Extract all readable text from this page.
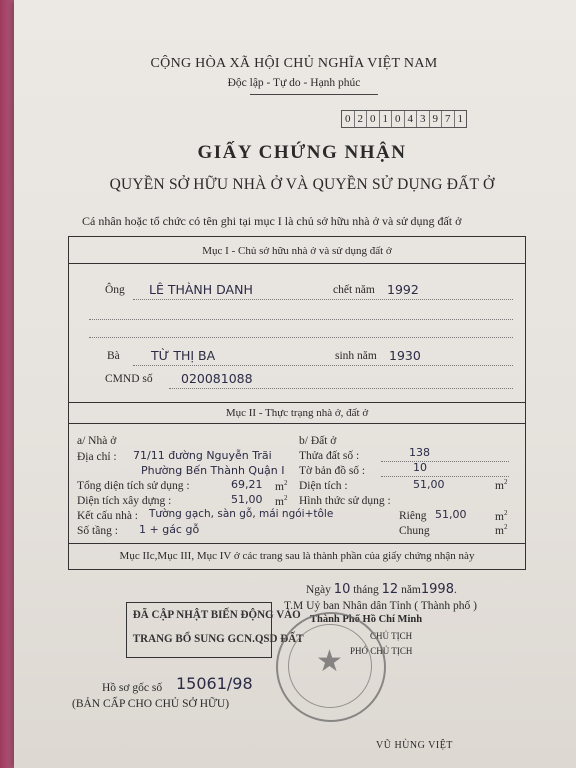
CỘNG HÒA XÃ HỘI CHỦ NGHĨA VIỆT NAM
Độc lập - Tự do - Hạnh phúc
0 2 0 1 0 4 3 9 7 1
GIẤY CHỨNG NHẬN
QUYỀN SỞ HỮU NHÀ Ở VÀ QUYỀN SỬ DỤNG ĐẤT Ở
Cá nhân hoặc tổ chức có tên ghi tại mục I là chủ sở hữu nhà ở và sử dụng đất ở
Mục I - Chủ sở hữu nhà ở và sử dụng đất ở
Ông LÊ THÀNH DANH	chết năm 1992
Bà TỪ THỊ BA	sinh năm 1930
CMND số 020081088
Mục II - Thực trạng nhà ở, đất ở
a/ Nhà ở
Địa chỉ : 71/11 đường Nguyễn Trãi
Phường Bến Thành Quận I
Tổng diện tích sử dụng :	69,21 $m^2$
Diện tích xây dựng :	51,00 $m^2$
Kết cấu nhà : Tường gạch, sàn gỗ, mái ngói+tôle
Số tầng : 1 + gác gỗ
b/ Đất ở
Thửa đất số :	138
Tờ bản đồ số :	10
Diện tích :	51,00	$m^2$
Hình thức sử dụng :
Riêng 51,00 $m^2$
Chung	$m^2$
Mục IIc,Mục III, Mục IV ở các trang sau là thành phần của giấy chứng nhận này
Ngày 10 tháng 12 năm1998.
T.M Uỷ ban Nhân dân Tỉnh ( Thành phố )
Thành Phố Hồ Chí Minh
CHỦ TỊCH
PHÓ CHỦ TỊCH
VŨ HÙNG VIỆT
ĐÃ CẬP NHẬT BIẾN ĐỘNG VÀO
TRANG BỔ SUNG GCN.QSD ĐẤT
★
Hồ sơ gốc số 15061/98
(BẢN CẤP CHO CHỦ SỞ HỮU)
